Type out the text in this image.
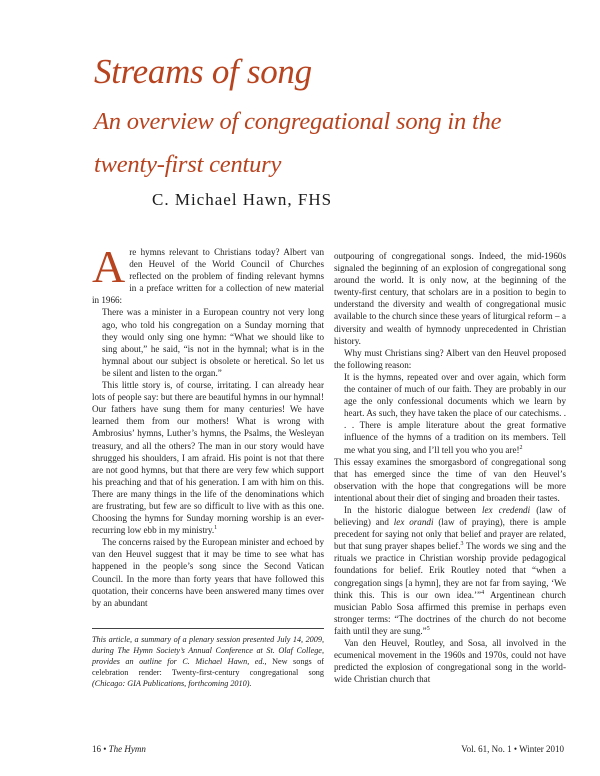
Streams of song
An overview of congregational song in the twenty-first century
C. Michael Hawn, FHS

Are hymns relevant to Christians today? Albert van den Heuvel of the World Council of Churches reflected on the problem of finding relevant hymns in a preface written for a collection of new material in 1966:

There was a minister in a European country not very long ago, who told his congregation on a Sunday morning that they would only sing one hymn: “What we should like to sing about,” he said, “is not in the hymnal; what is in the hymnal about our subject is obsolete or heretical. So let us be silent and listen to the organ.”

This little story is, of course, irritating. I can already hear lots of people say: but there are beautiful hymns in our hymnal! Our fathers have sung them for many centuries! We have learned them from our mothers! What is wrong with Ambrosius’ hymns, Luther’s hymns, the Psalms, the Wesleyan treasury, and all the others? The man in our story would have shrugged his shoulders, I am afraid. His point is not that there are not good hymns, but that there are very few which support his preaching and that of his generation. I am with him on this. There are many things in the life of the denominations which are frustrating, but few are so difficult to live with as this one. Choosing the hymns for Sunday morning worship is an ever-recurring low ebb in my ministry.$^1$

The concerns raised by the European minister and echoed by van den Heuvel suggest that it may be time to see what has happened in the people’s song since the Second Vatican Council. In the more than forty years that have followed this quotation, their concerns have been answered many times over by an abundant

This article, a summary of a plenary session presented July 14, 2009, during The Hymn Society’s Annual Conference at St. Olaf College, provides an outline for C. Michael Hawn, ed., New songs of celebration render: Twenty-first-century congregational song (Chicago: GIA Publications, forthcoming 2010).

outpouring of congregational songs. Indeed, the mid-1960s signaled the beginning of an explosion of congregational song around the world. It is only now, at the beginning of the twenty-first century, that scholars are in a position to begin to understand the diversity and wealth of congregational music available to the church since these years of liturgical reform – a diversity and wealth of hymnody unprecedented in Christian history.

Why must Christians sing? Albert van den Heuvel proposed the following reason:

It is the hymns, repeated over and over again, which form the container of much of our faith. They are probably in our age the only confessional documents which we learn by heart. As such, they have taken the place of our catechisms. . . . There is ample literature about the great formative influence of the hymns of a tradition on its members. Tell me what you sing, and I’ll tell you who you are!$^2$

This essay examines the smorgasbord of congregational song that has emerged since the time of van den Heuvel’s observation with the hope that congregations will be more intentional about their diet of singing and broaden their tastes.

In the historic dialogue between lex credendi (law of believing) and lex orandi (law of praying), there is ample precedent for saying not only that belief and prayer are related, but that sung prayer shapes belief.$^3$ The words we sing and the rituals we practice in Christian worship provide pedagogical foundations for belief. Erik Routley noted that “when a congregation sings [a hymn], they are not far from saying, ‘We think this. This is our own idea.’”$^4$ Argentinean church musician Pablo Sosa affirmed this premise in perhaps even stronger terms: “The doctrines of the church do not become faith until they are sung.”$^5$

Van den Heuvel, Routley, and Sosa, all involved in the ecumenical movement in the 1960s and 1970s, could not have predicted the explosion of congregational song in the world-wide Christian church that

16 • The Hymn	Vol. 61, No. 1 • Winter 2010
